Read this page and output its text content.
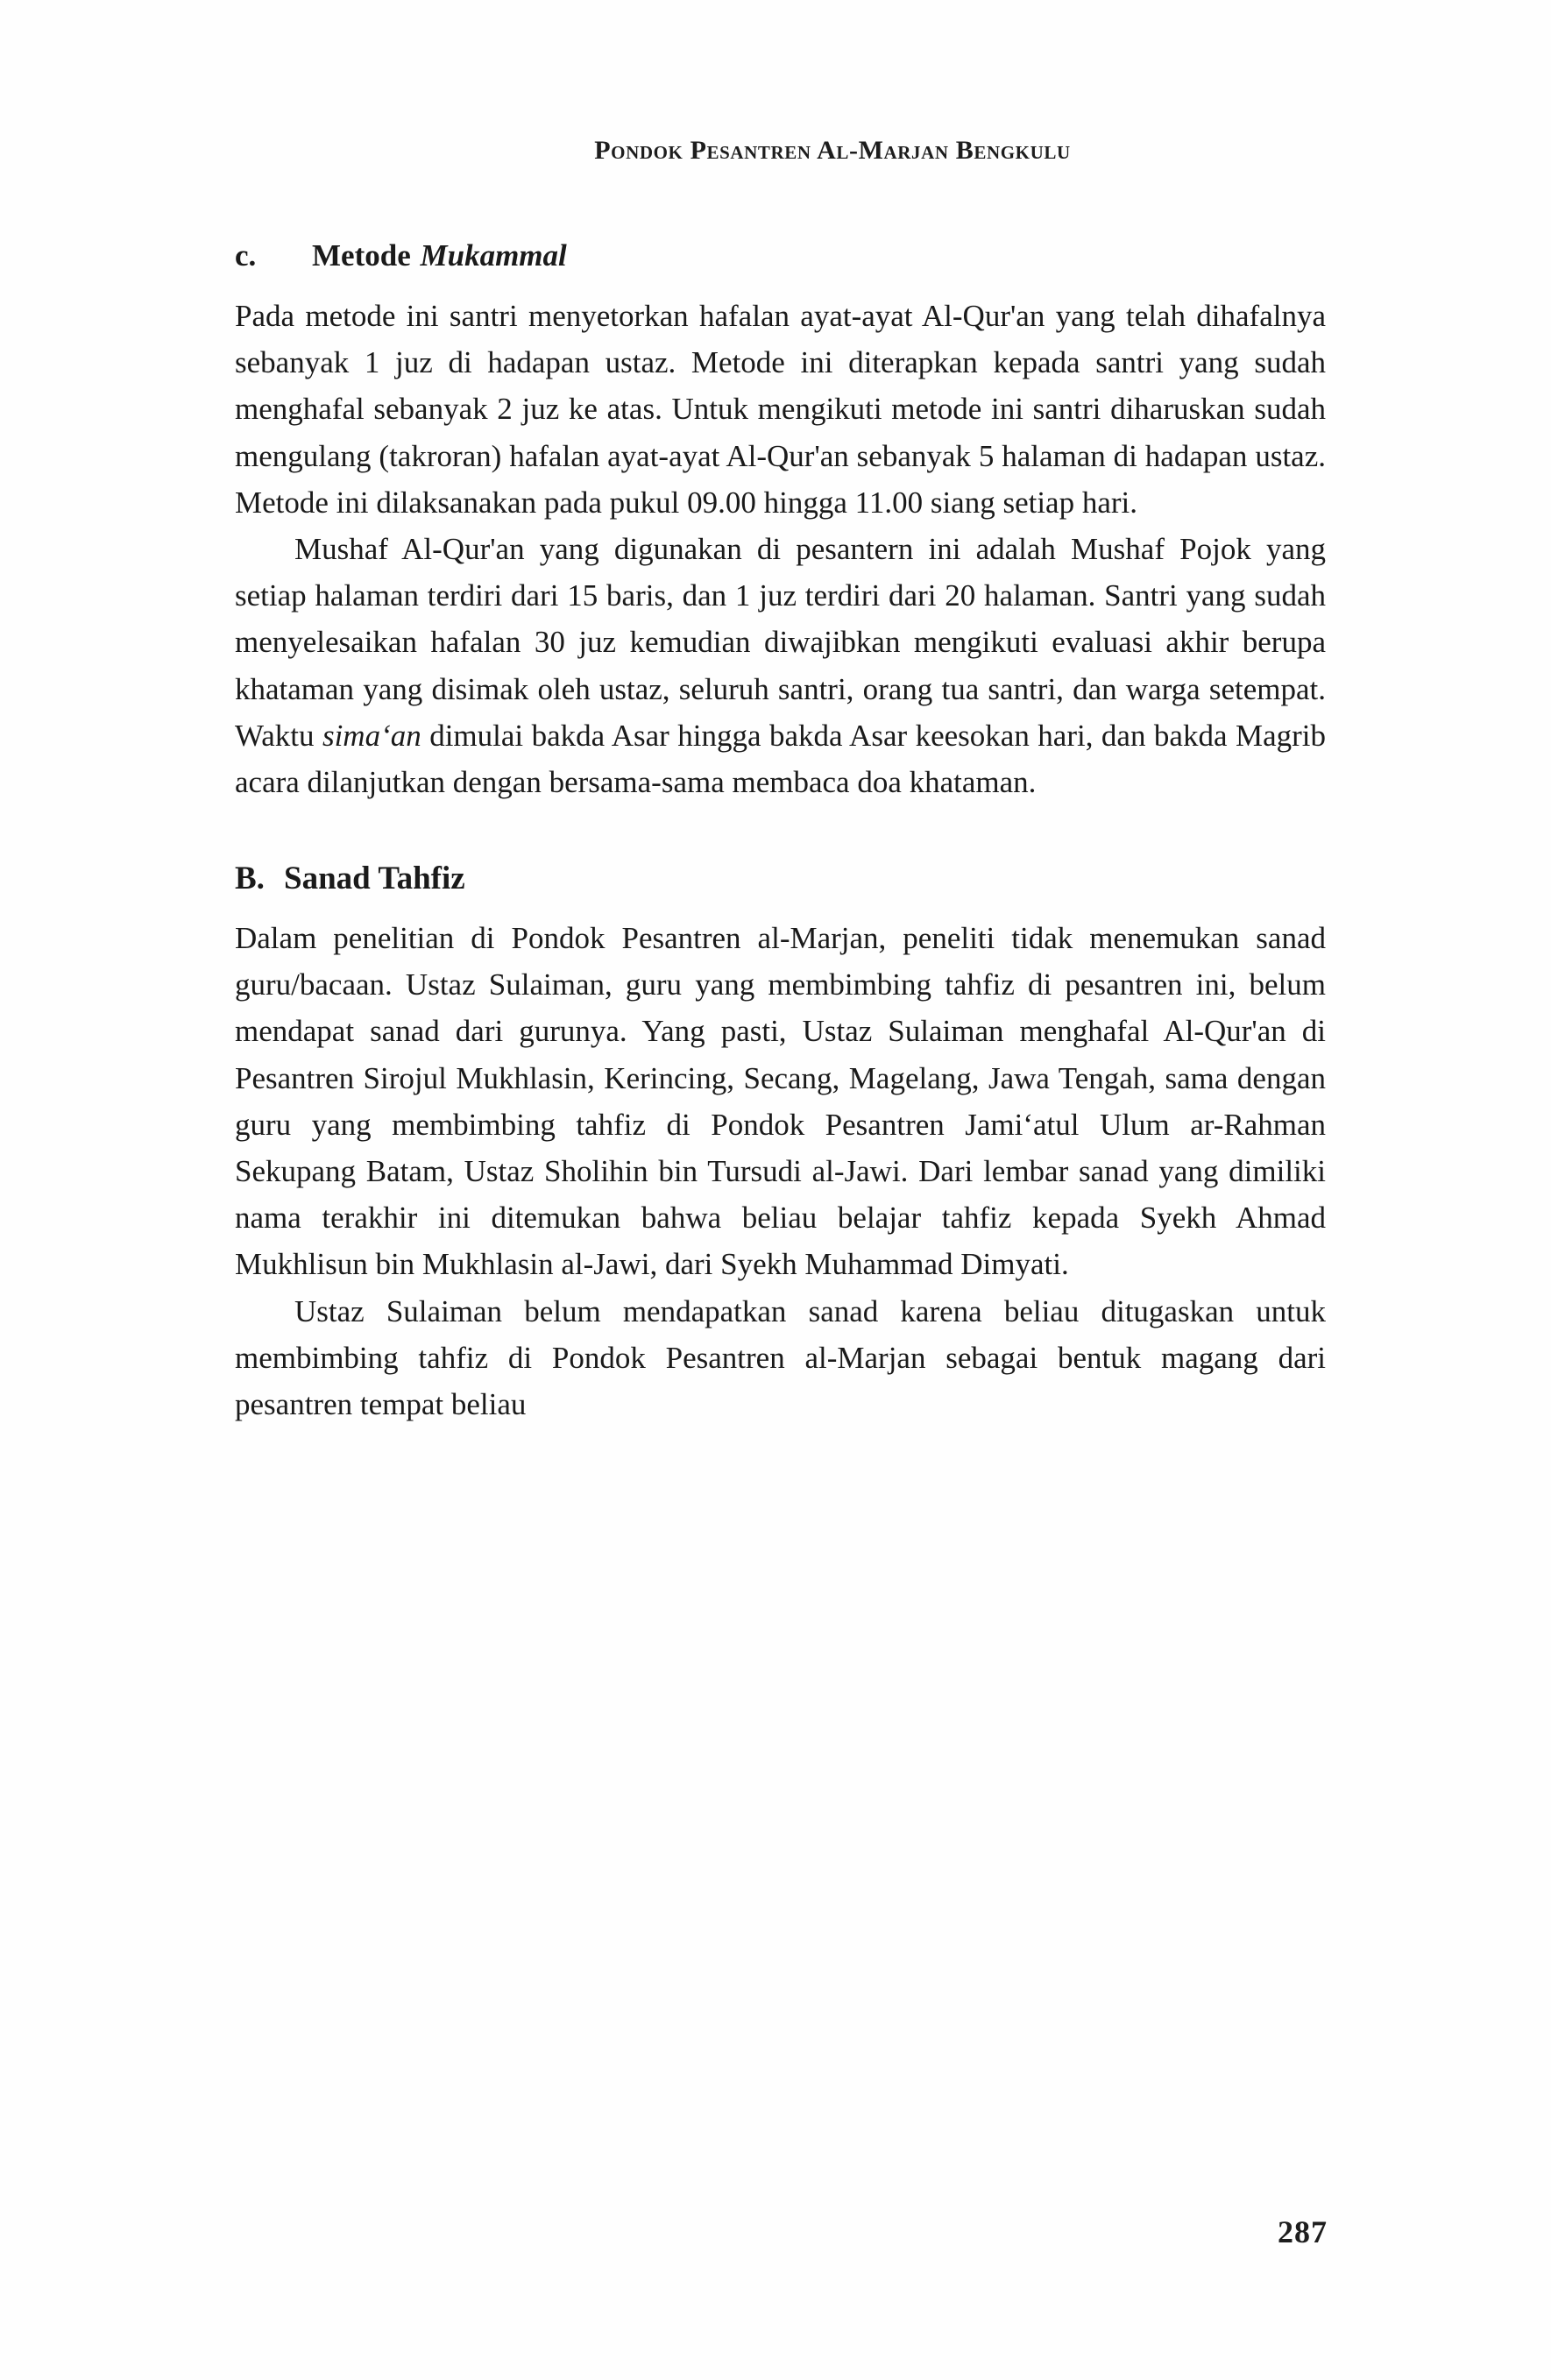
Pondok Pesantren Al-Marjan Bengkulu
c.	Metode Mukammal

Pada metode ini santri menyetorkan hafalan ayat-ayat Al-Qur'an yang telah dihafalnya sebanyak 1 juz di hadapan ustaz. Metode ini diterapkan kepada santri yang sudah menghafal sebanyak 2 juz ke atas. Untuk mengikuti metode ini santri diharuskan sudah mengulang (takroran) hafalan ayat-ayat Al-Qur'an sebanyak 5 halaman di hadapan ustaz. Metode ini dilaksanakan pada pukul 09.00 hingga 11.00 siang setiap hari.

Mushaf Al-Qur'an yang digunakan di pesantern ini adalah Mushaf Pojok yang setiap halaman terdiri dari 15 baris, dan 1 juz terdiri dari 20 halaman. Santri yang sudah menyelesaikan hafalan 30 juz kemudian diwajibkan mengikuti evaluasi akhir berupa khataman yang disimak oleh ustaz, seluruh santri, orang tua santri, dan warga setempat. Waktu sima‘an dimulai bakda Asar hingga bakda Asar keesokan hari, dan bakda Magrib acara dilanjutkan dengan bersama-sama membaca doa khataman.

B. Sanad Tahfiz

Dalam penelitian di Pondok Pesantren al-Marjan, peneliti tidak menemukan sanad guru/bacaan. Ustaz Sulaiman, guru yang membimbing tahfiz di pesantren ini, belum mendapat sanad dari gurunya. Yang pasti, Ustaz Sulaiman menghafal Al-Qur'an di Pesantren Sirojul Mukhlasin, Kerincing, Secang, Magelang, Jawa Tengah, sama dengan guru yang membimbing tahfiz di Pondok Pesantren Jami‘atul Ulum ar-Rahman Sekupang Batam, Ustaz Sholihin bin Tursudi al-Jawi. Dari lembar sanad yang dimiliki nama terakhir ini ditemukan bahwa beliau belajar tahfiz kepada Syekh Ahmad Mukhlisun bin Mukhlasin al-Jawi, dari Syekh Muhammad Dimyati.

Ustaz Sulaiman belum mendapatkan sanad karena beliau ditugaskan untuk membimbing tahfiz di Pondok Pesantren al-Marjan sebagai bentuk magang dari pesantren tempat beliau

287
